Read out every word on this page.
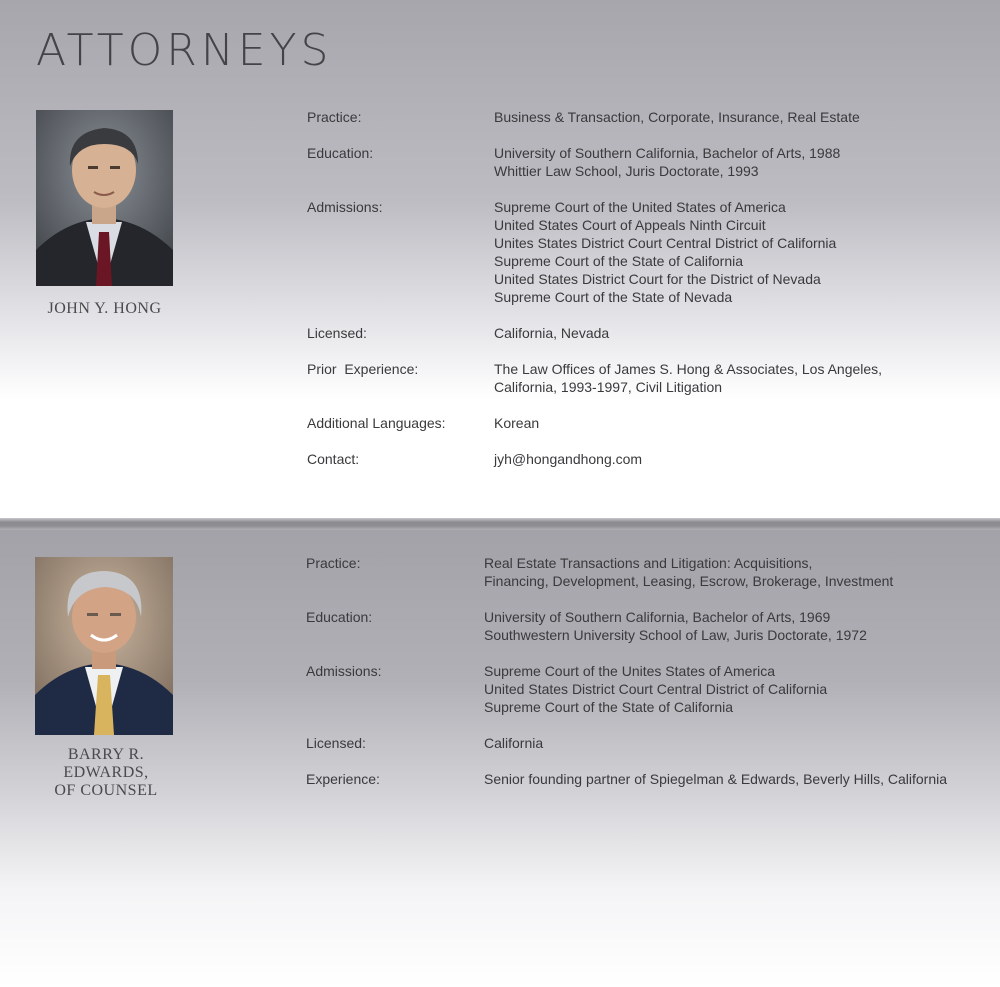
ATTORNEYS
JOHN Y. HONG
Practice:	Business & Transaction, Corporate, Insurance, Real Estate
Education:	University of Southern California, Bachelor of Arts, 1988
Whittier Law School, Juris Doctorate, 1993
Admissions:	Supreme Court of the United States of America
United States Court of Appeals Ninth Circuit
Unites States District Court Central District of California
Supreme Court of the State of California
United States District Court for the District of Nevada
Supreme Court of the State of Nevada
Licensed:	California, Nevada
Prior  Experience:	The Law Offices of James S. Hong & Associates, Los Angeles,
California, 1993-1997, Civil Litigation
Additional Languages:	Korean
Contact:	jyh@hongandhong.com
BARRY R. EDWARDS,
OF COUNSEL
Practice:	Real Estate Transactions and Litigation: Acquisitions,
Financing, Development, Leasing, Escrow, Brokerage, Investment
Education:	University of Southern California, Bachelor of Arts, 1969
Southwestern University School of Law, Juris Doctorate, 1972
Admissions:	Supreme Court of the Unites States of America
United States District Court Central District of California
Supreme Court of the State of California
Licensed:	California
Experience:	Senior founding partner of Spiegelman & Edwards, Beverly Hills, California
